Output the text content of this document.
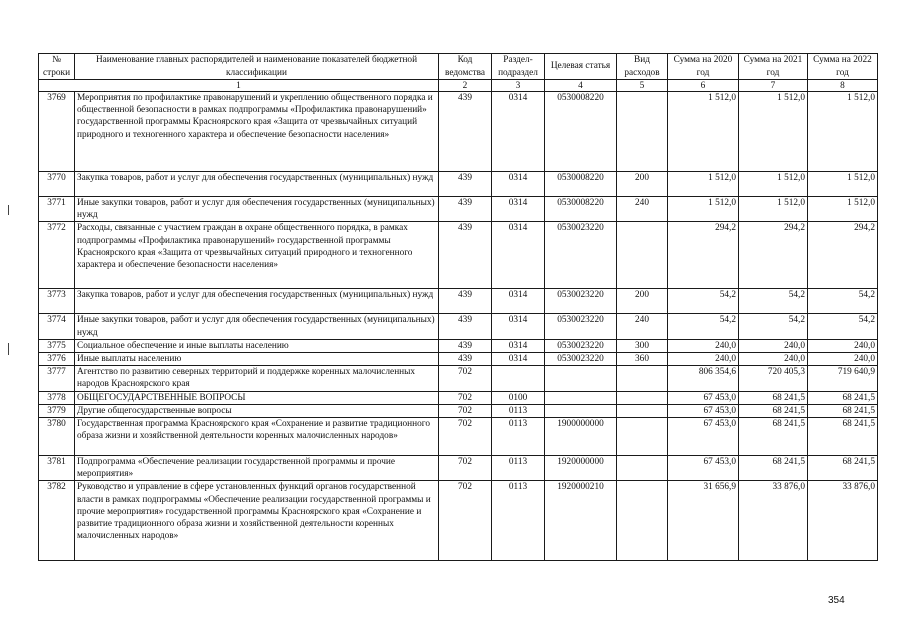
№ строки	Наименование главных распорядителей и наименование показателей бюджетной классификации	Код ведомства	Раздел-подраздел	Целевая статья	Вид расходов	Сумма на 2020 год	Сумма на 2021 год	Сумма на 2022 год
1		2	3	4	5	6	7	8
3769	Мероприятия по профилактике правонарушений и укреплению общественного порядка и общественной безопасности в рамках подпрограммы «Профилактика правонарушений» государственной программы Красноярского края «Защита от чрезвычайных ситуаций природного и техногенного характера и обеспечение безопасности населения»	439	0314	0530008220		1 512,0	1 512,0	1 512,0
3770	Закупка товаров, работ и услуг для обеспечения государственных (муниципальных) нужд	439	0314	0530008220	200	1 512,0	1 512,0	1 512,0
3771	Иные закупки товаров, работ и услуг для обеспечения государственных (муниципальных) нужд	439	0314	0530008220	240	1 512,0	1 512,0	1 512,0
3772	Расходы, связанные с участием граждан в охране общественного порядка, в рамках подпрограммы «Профилактика правонарушений» государственной программы Красноярского края «Защита от чрезвычайных ситуаций природного и техногенного характера и обеспечение безопасности населения»	439	0314	0530023220		294,2	294,2	294,2
3773	Закупка товаров, работ и услуг для обеспечения государственных (муниципальных) нужд	439	0314	0530023220	200	54,2	54,2	54,2
3774	Иные закупки товаров, работ и услуг для обеспечения государственных (муниципальных) нужд	439	0314	0530023220	240	54,2	54,2	54,2
3775	Социальное обеспечение и иные выплаты населению	439	0314	0530023220	300	240,0	240,0	240,0
3776	Иные выплаты населению	439	0314	0530023220	360	240,0	240,0	240,0
3777	Агентство по развитию северных территорий и поддержке коренных малочисленных народов Красноярского края	702				806 354,6	720 405,3	719 640,9
3778	ОБЩЕГОСУДАРСТВЕННЫЕ ВОПРОСЫ	702	0100			67 453,0	68 241,5	68 241,5
3779	Другие общегосударственные вопросы	702	0113			67 453,0	68 241,5	68 241,5
3780	Государственная программа Красноярского края «Сохранение и развитие традиционного образа жизни и хозяйственной деятельности коренных малочисленных народов»	702	0113	1900000000		67 453,0	68 241,5	68 241,5
3781	Подпрограмма «Обеспечение реализации государственной программы и прочие мероприятия»	702	0113	1920000000		67 453,0	68 241,5	68 241,5
3782	Руководство и управление в сфере установленных функций органов государственной власти в рамках подпрограммы «Обеспечение реализации государственной программы и прочие мероприятия» государственной программы Красноярского края «Сохранение и развитие традиционного образа жизни и хозяйственной деятельности коренных малочисленных народов»	702	0113	1920000210		31 656,9	33 876,0	33 876,0
354
